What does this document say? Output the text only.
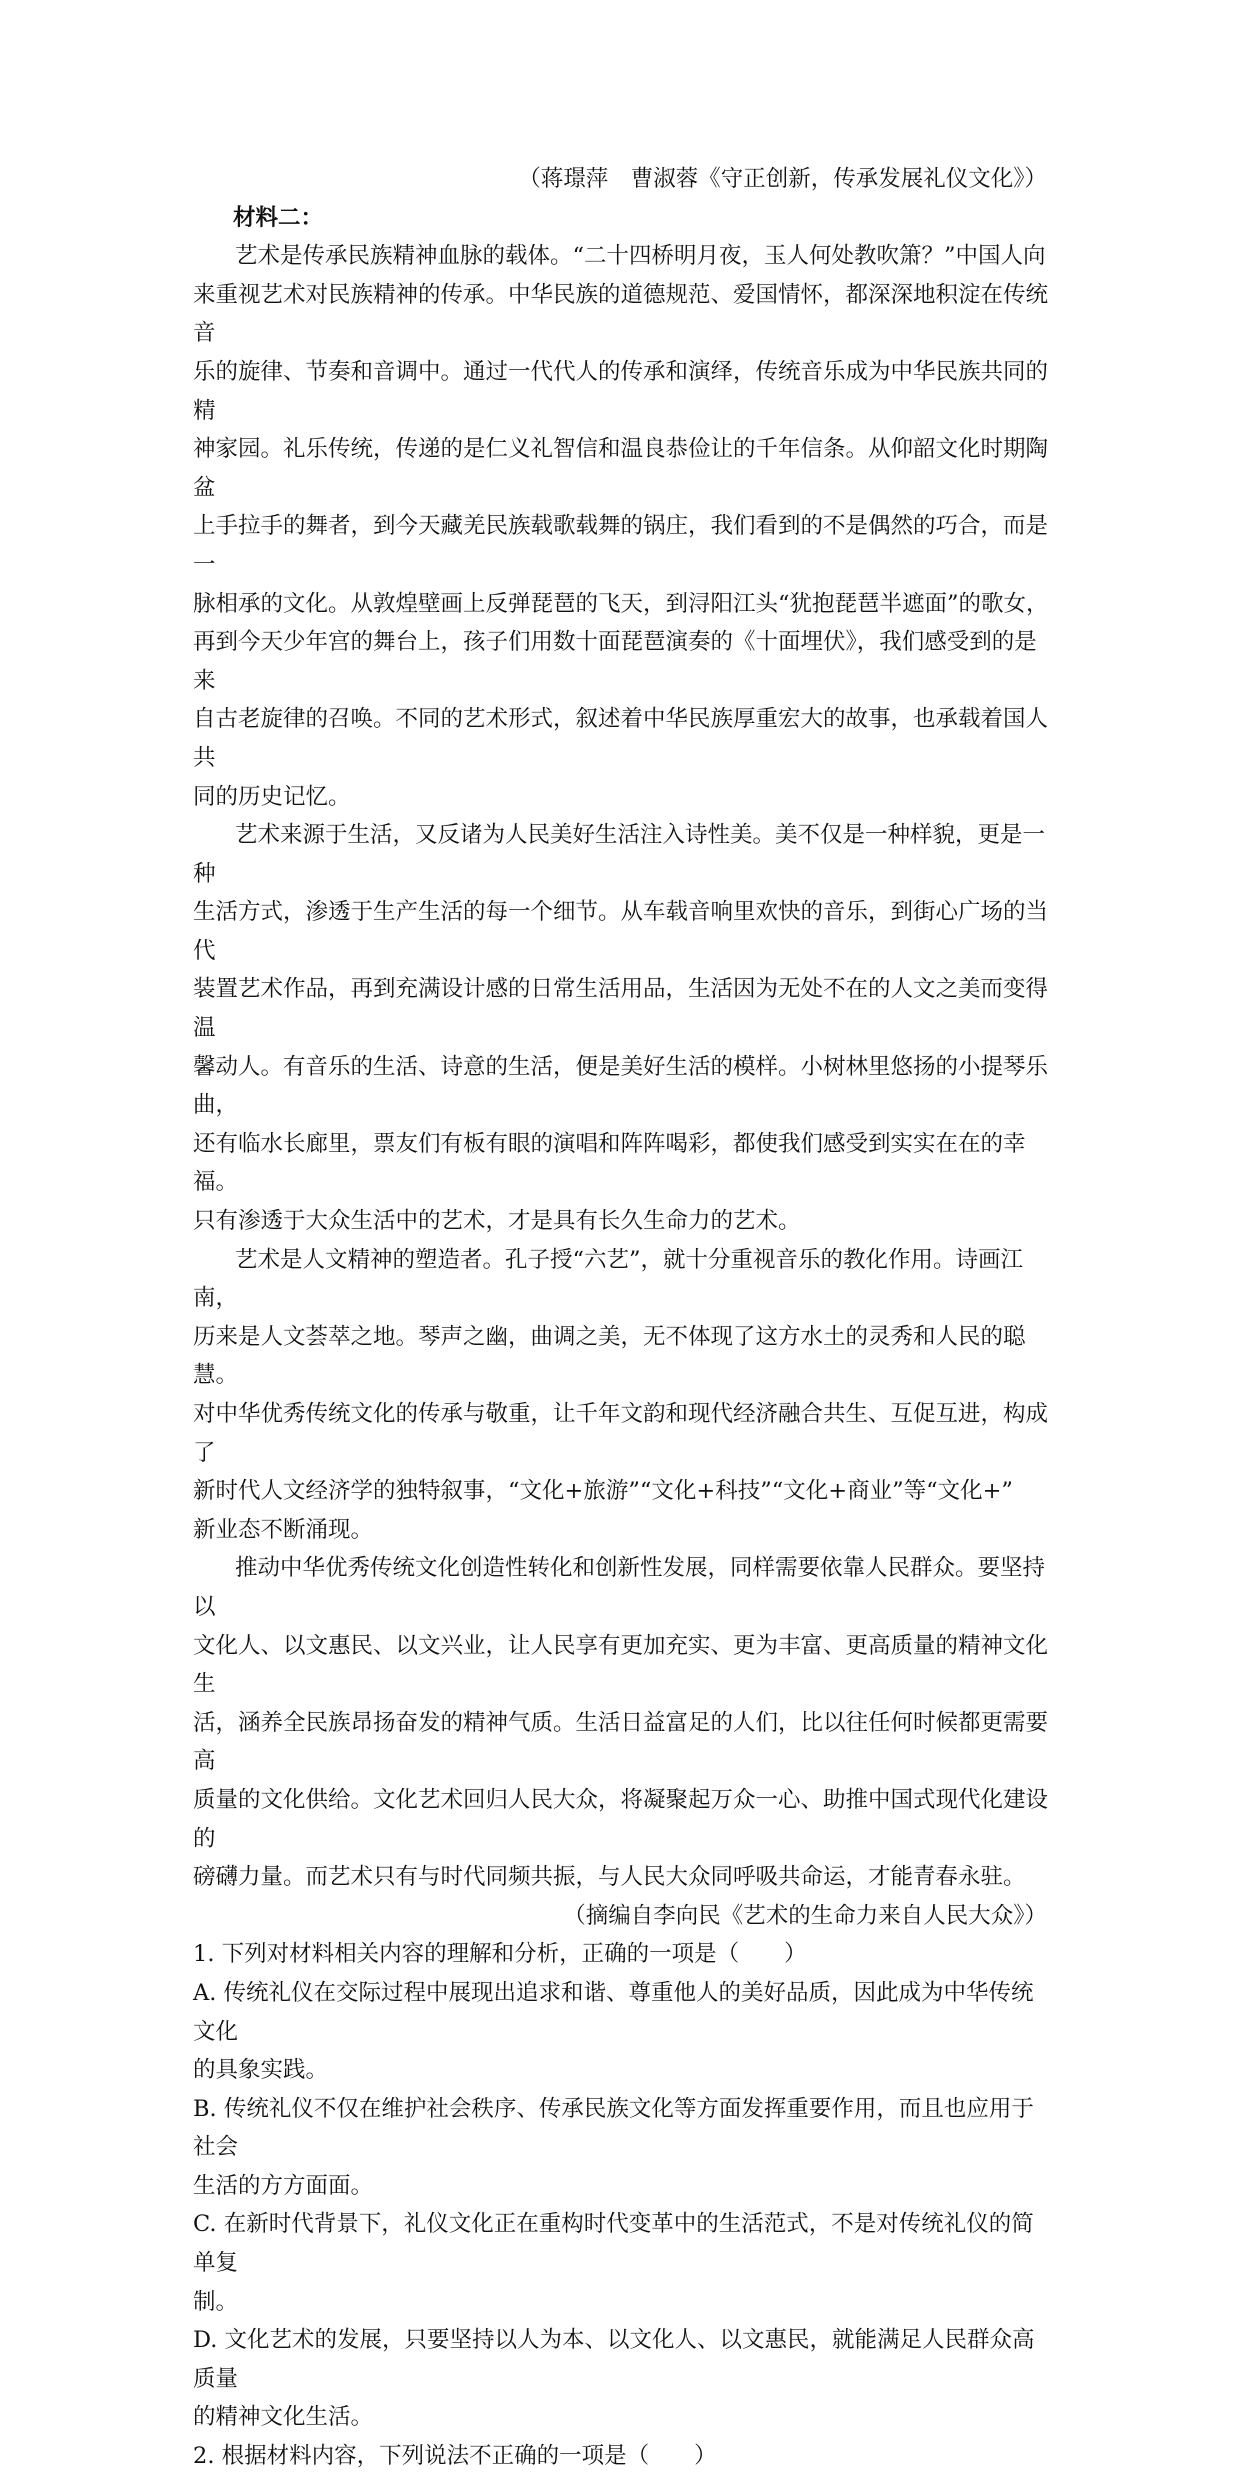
（蒋璟萍　曹淑蓉《守正创新，传承发展礼仪文化》）
材料二：
艺术是传承民族精神血脉的载体。“二十四桥明月夜，玉人何处教吹箫？”中国人向
来重视艺术对民族精神的传承。中华民族的道德规范、爱国情怀，都深深地积淀在传统音
乐的旋律、节奏和音调中。通过一代代人的传承和演绎，传统音乐成为中华民族共同的精
神家园。礼乐传统，传递的是仁义礼智信和温良恭俭让的千年信条。从仰韶文化时期陶盆
上手拉手的舞者，到今天藏羌民族载歌载舞的锅庄，我们看到的不是偶然的巧合，而是一
脉相承的文化。从敦煌壁画上反弹琵琶的飞天，到浔阳江头“犹抱琵琶半遮面”的歌女，
再到今天少年宫的舞台上，孩子们用数十面琵琶演奏的《十面埋伏》，我们感受到的是来
自古老旋律的召唤。不同的艺术形式，叙述着中华民族厚重宏大的故事，也承载着国人共
同的历史记忆。
艺术来源于生活，又反诸为人民美好生活注入诗性美。美不仅是一种样貌，更是一种
生活方式，渗透于生产生活的每一个细节。从车载音响里欢快的音乐，到街心广场的当代
装置艺术作品，再到充满设计感的日常生活用品，生活因为无处不在的人文之美而变得温
馨动人。有音乐的生活、诗意的生活，便是美好生活的模样。小树林里悠扬的小提琴乐曲，
还有临水长廊里，票友们有板有眼的演唱和阵阵喝彩，都使我们感受到实实在在的幸福。
只有渗透于大众生活中的艺术，才是具有长久生命力的艺术。
艺术是人文精神的塑造者。孔子授“六艺”，就十分重视音乐的教化作用。诗画江南，
历来是人文荟萃之地。琴声之幽，曲调之美，无不体现了这方水土的灵秀和人民的聪慧。
对中华优秀传统文化的传承与敬重，让千年文韵和现代经济融合共生、互促互进，构成了
新时代人文经济学的独特叙事，“文化+旅游”“文化+科技”“文化+商业”等“文化+”
新业态不断涌现。
推动中华优秀传统文化创造性转化和创新性发展，同样需要依靠人民群众。要坚持以
文化人、以文惠民、以文兴业，让人民享有更加充实、更为丰富、更高质量的精神文化生
活，涵养全民族昂扬奋发的精神气质。生活日益富足的人们，比以往任何时候都更需要高
质量的文化供给。文化艺术回归人民大众，将凝聚起万众一心、助推中国式现代化建设的
磅礴力量。而艺术只有与时代同频共振，与人民大众同呼吸共命运，才能青春永驻。
（摘编自李向民《艺术的生命力来自人民大众》）
1. 下列对材料相关内容的理解和分析，正确的一项是（　　）
A. 传统礼仪在交际过程中展现出追求和谐、尊重他人的美好品质，因此成为中华传统文化
的具象实践。
B. 传统礼仪不仅在维护社会秩序、传承民族文化等方面发挥重要作用，而且也应用于社会
生活的方方面面。
C. 在新时代背景下，礼仪文化正在重构时代变革中的生活范式，不是对传统礼仪的简单复
制。
D. 文化艺术的发展，只要坚持以人为本、以文化人、以文惠民，就能满足人民群众高质量
的精神文化生活。
2. 根据材料内容，下列说法不正确的一项是（　　）
